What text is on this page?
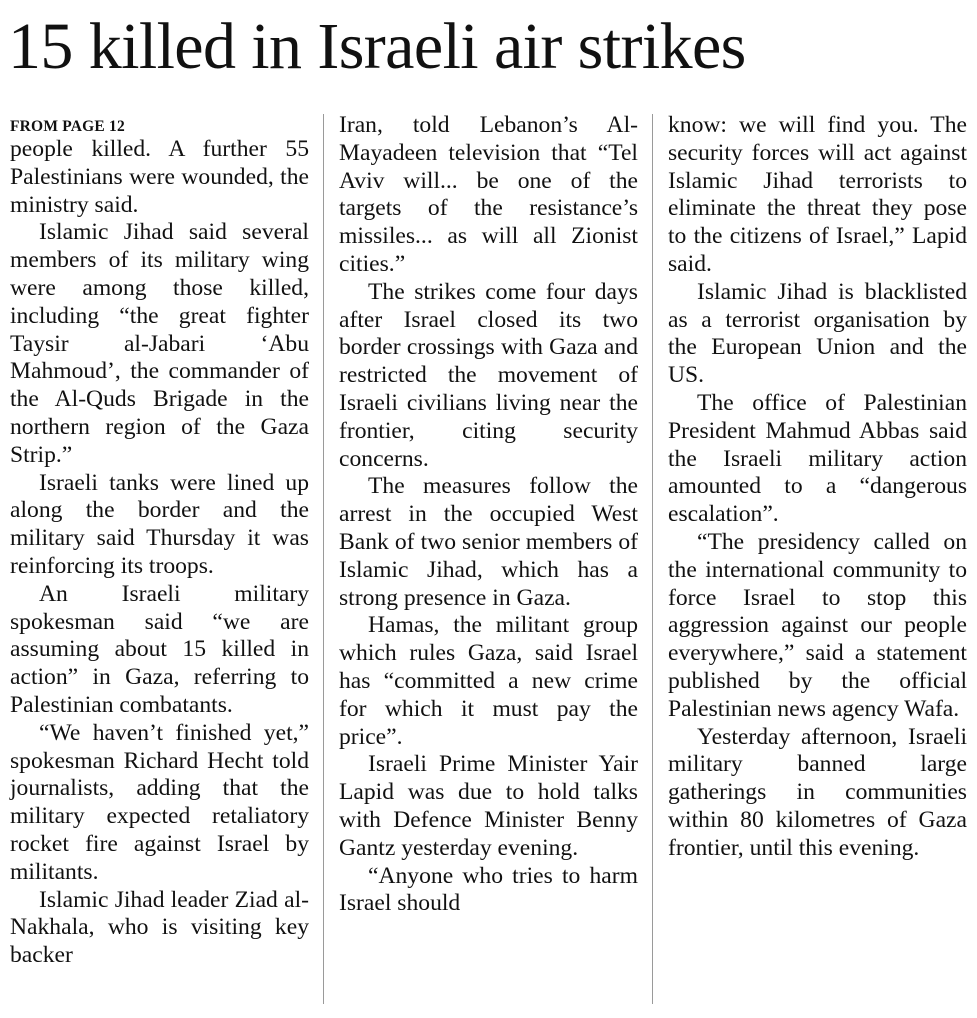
15 killed in Israeli air strikes

FROM PAGE 12

people killed. A further 55 Palestinians were wounded, the ministry said.

Islamic Jihad said several members of its military wing were among those killed, including “the great fighter Taysir al-Jabari ‘Abu Mahmoud’, the commander of the Al-Quds Brigade in the northern region of the Gaza Strip.”

Israeli tanks were lined up along the border and the military said Thursday it was reinforcing its troops.

An Israeli military spokesman said “we are assuming about 15 killed in action” in Gaza, referring to Palestinian combatants.

“We haven’t finished yet,” spokesman Richard Hecht told journalists, adding that the military expected retaliatory rocket fire against Israel by militants.

Islamic Jihad leader Ziad al-Nakhala, who is visiting key backer

Iran, told Lebanon’s Al-Mayadeen television that “Tel Aviv will... be one of the targets of the resistance’s missiles... as will all Zionist cities.”

The strikes come four days after Israel closed its two border crossings with Gaza and restricted the movement of Israeli civilians living near the frontier, citing security concerns.

The measures follow the arrest in the occupied West Bank of two senior members of Islamic Jihad, which has a strong presence in Gaza.

Hamas, the militant group which rules Gaza, said Israel has “committed a new crime for which it must pay the price”.

Israeli Prime Minister Yair Lapid was due to hold talks with Defence Minister Benny Gantz yesterday evening.

“Anyone who tries to harm Israel should

know: we will find you. The security forces will act against Islamic Jihad terrorists to eliminate the threat they pose to the citizens of Israel,” Lapid said.

Islamic Jihad is blacklisted as a terrorist organisation by the European Union and the US.

The office of Palestinian President Mahmud Abbas said the Israeli military action amounted to a “dangerous escalation”.

“The presidency called on the international community to force Israel to stop this aggression against our people everywhere,” said a statement published by the official Palestinian news agency Wafa.

Yesterday afternoon, Israeli military banned large gatherings in communities within 80 kilometres of Gaza frontier, until this evening.
